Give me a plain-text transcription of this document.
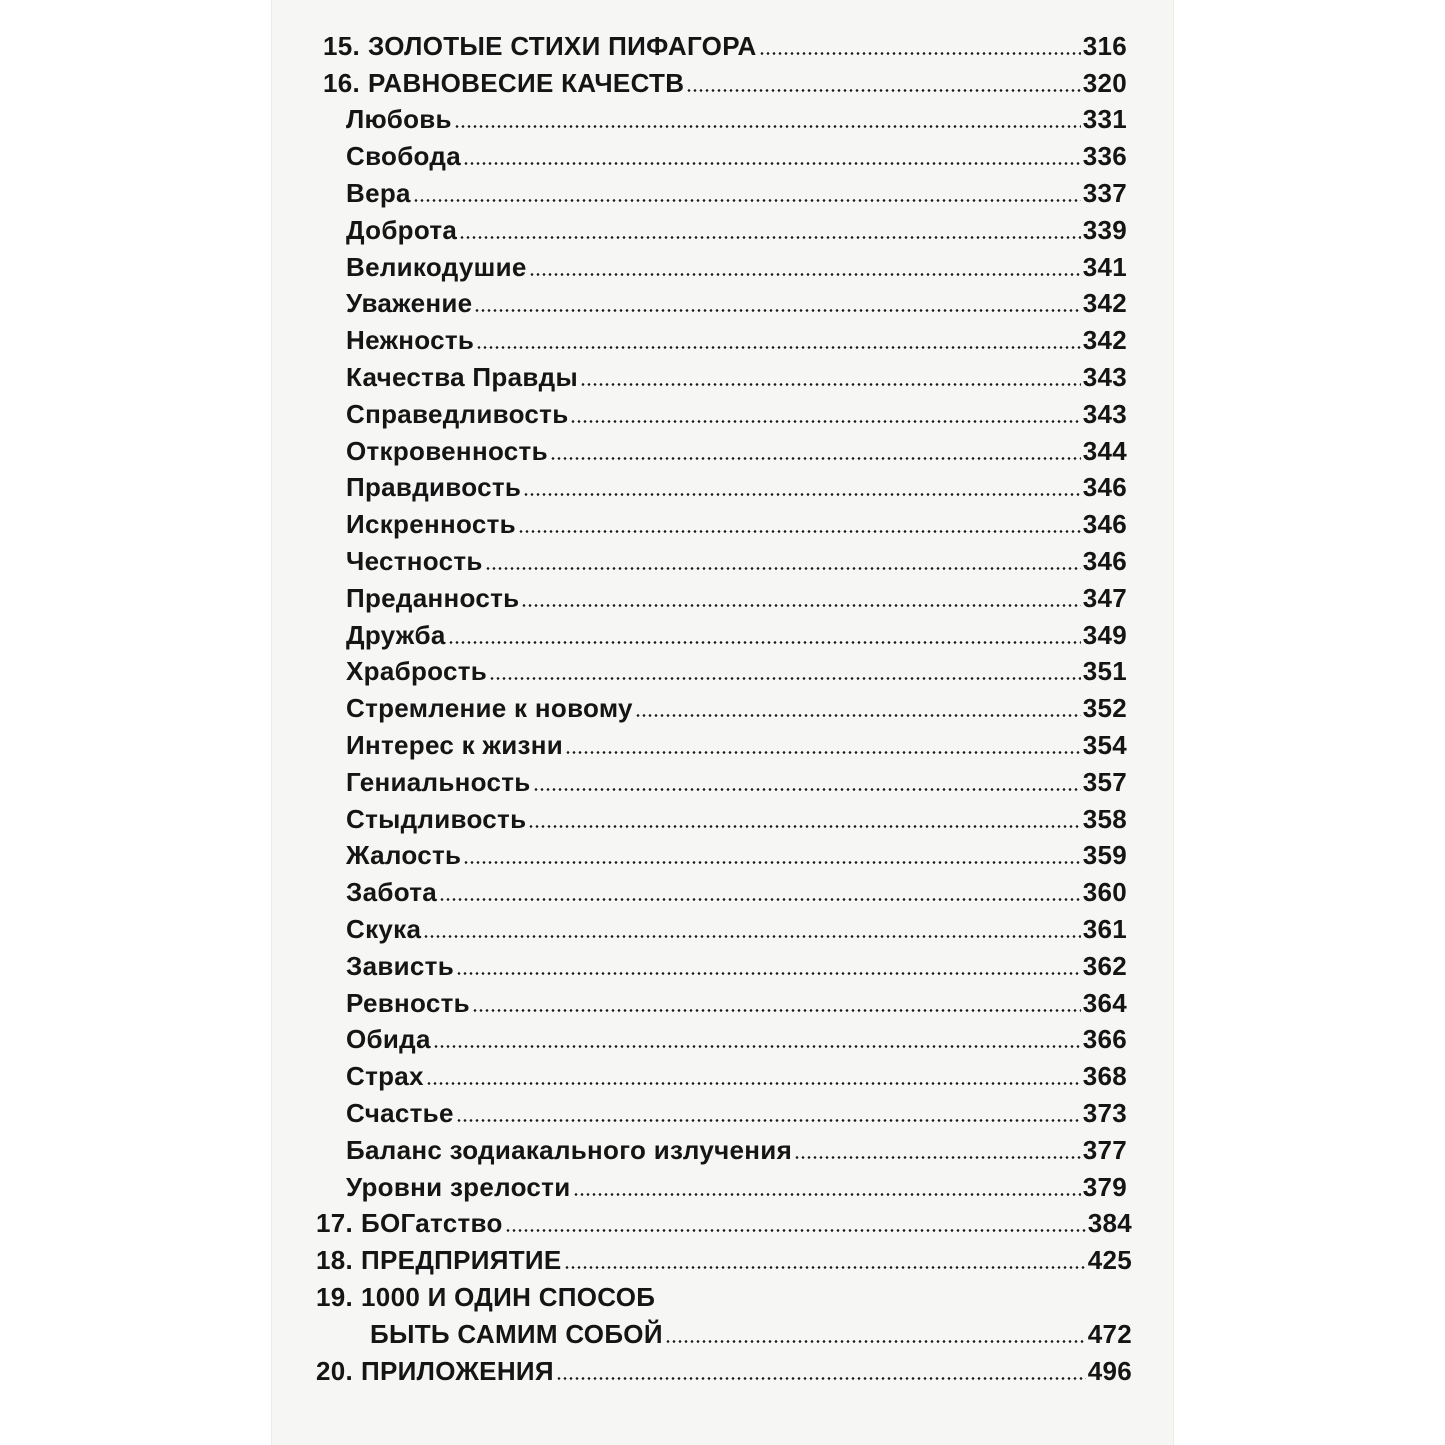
15. ЗОЛОТЫЕ СТИХИ ПИФАГОРА	316
16. РАВНОВЕСИЕ КАЧЕСТВ	320
Любовь	331
Свобода	336
Вера	337
Доброта	339
Великодушие	341
Уважение	342
Нежность	342
Качества Правды	343
Справедливость	343
Откровенность	344
Правдивость	346
Искренность	346
Честность	346
Преданность	347
Дружба	349
Храбрость	351
Стремление к новому	352
Интерес к жизни	354
Гениальность	357
Стыдливость	358
Жалость	359
Забота	360
Скука	361
Зависть	362
Ревность	364
Обида	366
Страх	368
Счастье	373
Баланс зодиакального излучения	377
Уровни зрелости	379
17. БОГатство	384
18. ПРЕДПРИЯТИЕ	425
19. 1000 И ОДИН СПОСОБ
БЫТЬ САМИМ СОБОЙ	472
20. ПРИЛОЖЕНИЯ	496
